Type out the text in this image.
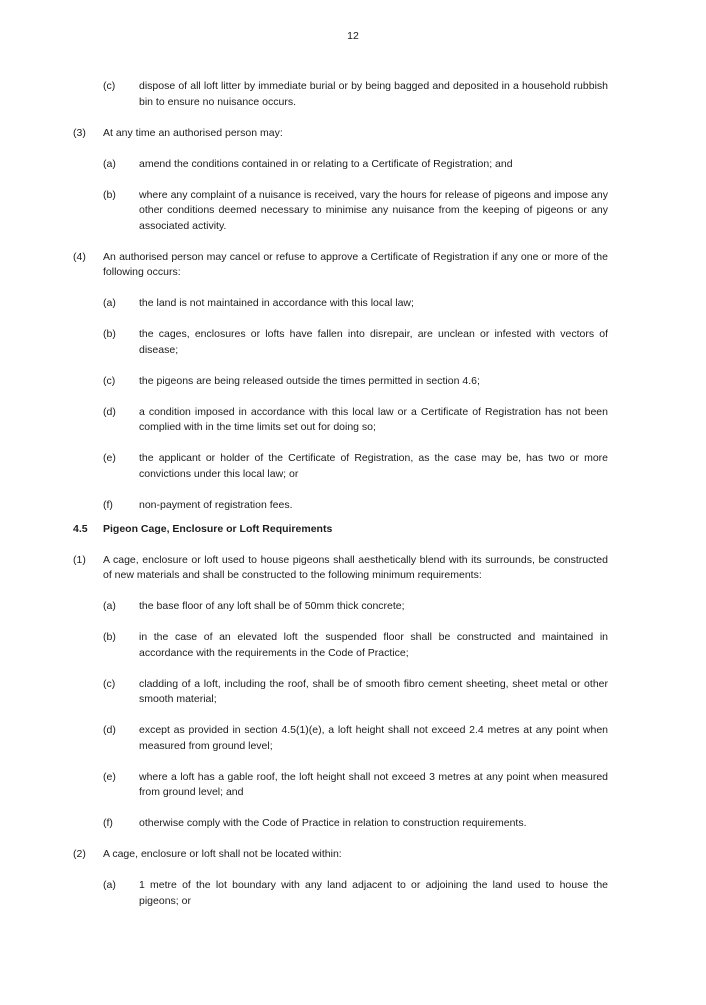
12
(c) dispose of all loft litter by immediate burial or by being bagged and deposited in a household rubbish bin to ensure no nuisance occurs.
(3) At any time an authorised person may:
(a) amend the conditions contained in or relating to a Certificate of Registration; and
(b) where any complaint of a nuisance is received, vary the hours for release of pigeons and impose any other conditions deemed necessary to minimise any nuisance from the keeping of pigeons or any associated activity.
(4) An authorised person may cancel or refuse to approve a Certificate of Registration if any one or more of the following occurs:
(a) the land is not maintained in accordance with this local law;
(b) the cages, enclosures or lofts have fallen into disrepair, are unclean or infested with vectors of disease;
(c) the pigeons are being released outside the times permitted in section 4.6;
(d) a condition imposed in accordance with this local law or a Certificate of Registration has not been complied with in the time limits set out for doing so;
(e) the applicant or holder of the Certificate of Registration, as the case may be, has two or more convictions under this local law; or
(f) non-payment of registration fees.
4.5 Pigeon Cage, Enclosure or Loft Requirements
(1) A cage, enclosure or loft used to house pigeons shall aesthetically blend with its surrounds, be constructed of new materials and shall be constructed to the following minimum requirements:
(a) the base floor of any loft shall be of 50mm thick concrete;
(b) in the case of an elevated loft the suspended floor shall be constructed and maintained in accordance with the requirements in the Code of Practice;
(c) cladding of a loft, including the roof, shall be of smooth fibro cement sheeting, sheet metal or other smooth material;
(d) except as provided in section 4.5(1)(e), a loft height shall not exceed 2.4 metres at any point when measured from ground level;
(e) where a loft has a gable roof, the loft height shall not exceed 3 metres at any point when measured from ground level; and
(f) otherwise comply with the Code of Practice in relation to construction requirements.
(2) A cage, enclosure or loft shall not be located within:
(a) 1 metre of the lot boundary with any land adjacent to or adjoining the land used to house the pigeons; or
